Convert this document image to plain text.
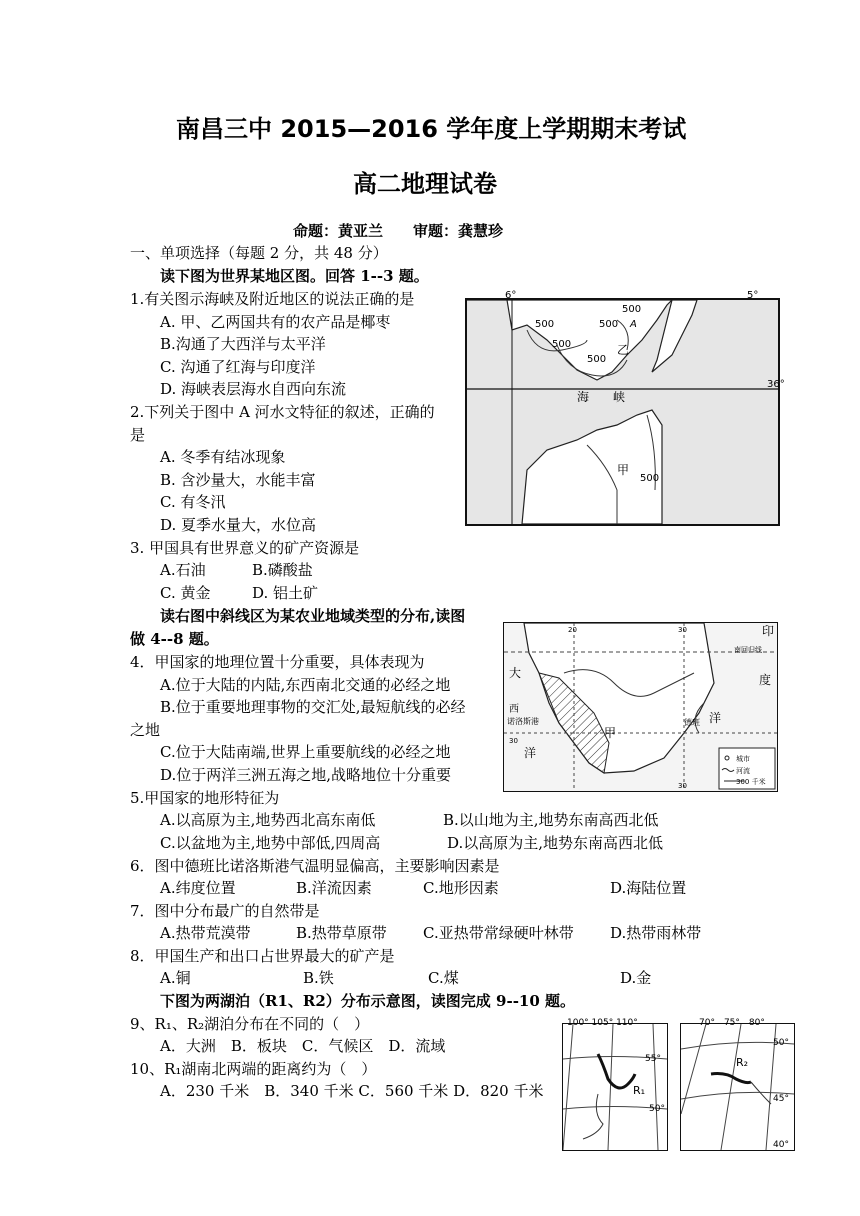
南昌三中 2015—2016 学年度上学期期末考试
高二地理试卷
命题：黄亚兰　　审题：龚慧珍
一、单项选择（每题 2 分，共 48 分）
读下图为世界某地区图。回答 1--3 题。
1.有关图示海峡及附近地区的说法正确的是
A. 甲、乙两国共有的农产品是椰枣
B.沟通了大西洋与太平洋
C. 沟通了红海与印度洋
D. 海峡表层海水自西向东流
2.下列关于图中 A 河水文特征的叙述，正确的
是
A. 冬季有结冰现象
B. 含沙量大，水能丰富
C. 有冬汛
D. 夏季水量大，水位高
3. 甲国具有世界意义的矿产资源是
A.石油	B.磷酸盐
C. 黄金	D. 铝土矿
读右图中斜线区为某农业地域类型的分布,读图
做 4--8 题。
4．甲国家的地理位置十分重要，具体表现为
A.位于大陆的内陆,东西南北交通的必经之地
B.位于重要地理事物的交汇处,最短航线的必经
之地
C.位于大陆南端,世界上重要航线的必经之地
D.位于两洋三洲五海之地,战略地位十分重要
5.甲国家的地形特征为
A.以高原为主,地势西北高东南低	B.以山地为主,地势东南高西北低
C.以盆地为主,地势中部低,四周高	D.以高原为主,地势东南高西北低
6．图中德班比诺洛斯港气温明显偏高，主要影响因素是
A.纬度位置	B.洋流因素	C.地形因素	D.海陆位置
7．图中分布最广的自然带是
A.热带荒漠带	B.热带草原带 C.亚热带常绿硬叶林带 D.热带雨林带
8．甲国生产和出口占世界最大的矿产是
A.铜	B.铁	C.煤	D.金
下图为两湖泊（R1、R2）分布示意图，读图完成 9--10 题。
9、R₁、R₂湖泊分布在不同的（　）
A．大洲　B．板块　C．气候区　D．流域
10、R₁湖南北两端的距离约为（　）
A．230 千米　B．340 千米 C．560 千米 D．820 千米
6°	5°
36°
海　　峡
500
500
500
500
500
500
A
乙
甲
印
南回归线
度
洋
大
西
诺洛斯港
洋
德班
甲
20	30
30
30
城市
河流
300 千米
100° 105° 110°
55°
50°
R₁
70°　75°　80°
50°
45°
40°
R₂
